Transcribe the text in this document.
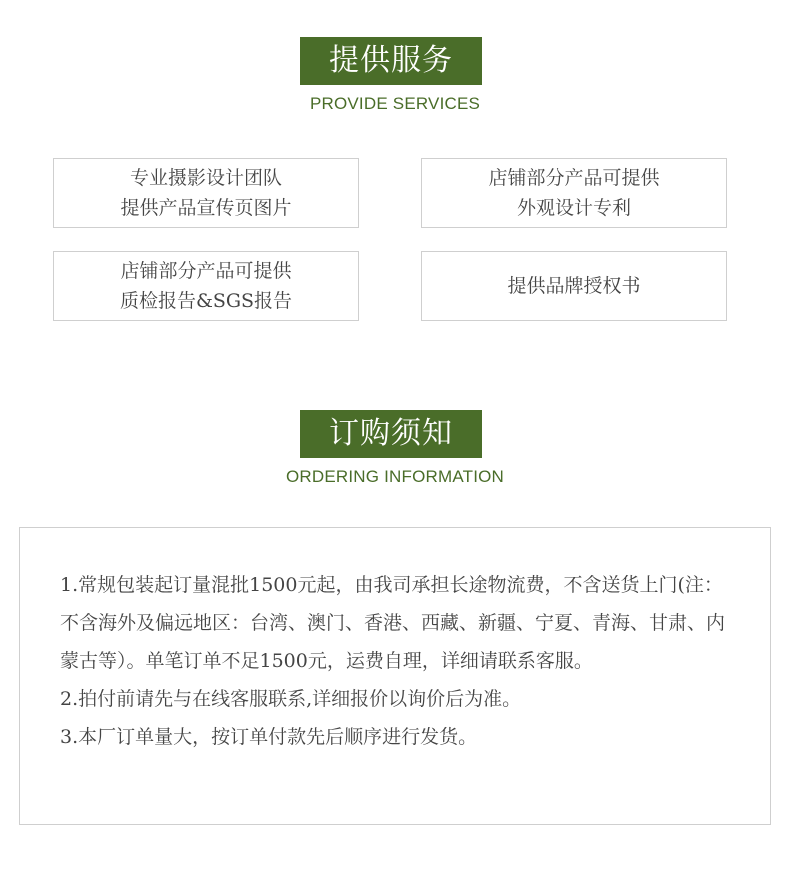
提供服务
PROVIDE SERVICES
专业摄影设计团队
提供产品宣传页图片
店铺部分产品可提供
外观设计专利
店铺部分产品可提供
质检报告&SGS报告
提供品牌授权书
订购须知
ORDERING INFORMATION

1.常规包装起订量混批1500元起，由我司承担长途物流费，不含送货上门(注：不含海外及偏远地区：台湾、澳门、香港、西藏、新疆、宁夏、青海、甘肃、内蒙古等）。单笔订单不足1500元，运费自理，详细请联系客服。

2.拍付前请先与在线客服联系,详细报价以询价后为准。

3.本厂订单量大，按订单付款先后顺序进行发货。
